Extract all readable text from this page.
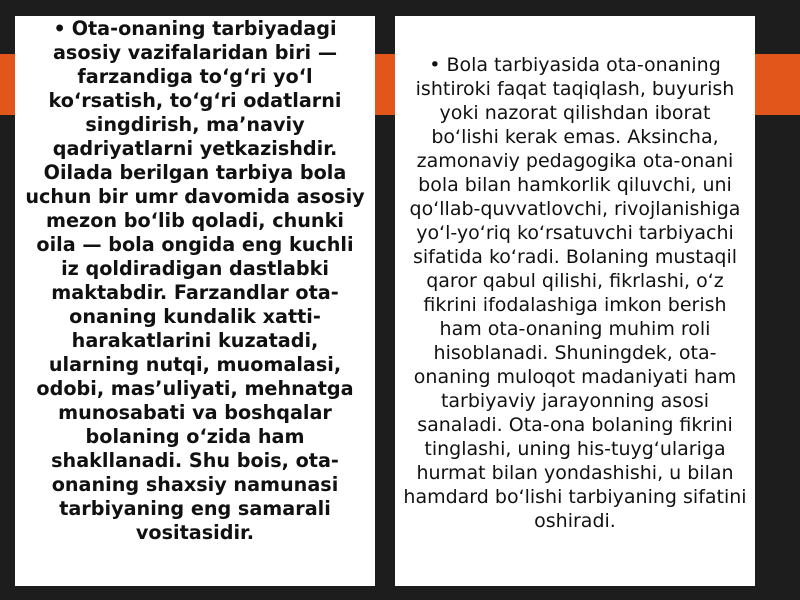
• Ota-onaning tarbiyadagi asosiy vazifalaridan biri — farzandiga to‘g‘ri yo‘l ko‘rsatish, to‘g‘ri odatlarni singdirish, ma’naviy qadriyatlarni yetkazishdir. Oilada berilgan tarbiya bola uchun bir umr davomida asosiy mezon bo‘lib qoladi, chunki oila — bola ongida eng kuchli iz qoldiradigan dastlabki maktabdir. Farzandlar ota-onaning kundalik xatti-harakatlarini kuzatadi, ularning nutqi, muomalasi, odobi, mas’uliyati, mehnatga munosabati va boshqalar bolaning o‘zida ham shakllanadi. Shu bois, ota-onaning shaxsiy namunasi tarbiyaning eng samarali vositasidir.

• Bola tarbiyasida ota-onaning ishtiroki faqat taqiqlash, buyurish yoki nazorat qilishdan iborat bo‘lishi kerak emas. Aksincha, zamonaviy pedagogika ota-onani bola bilan hamkorlik qiluvchi, uni qo‘llab-quvvatlovchi, rivojlanishiga yo‘l-yo‘riq ko‘rsatuvchi tarbiyachi sifatida ko‘radi. Bolaning mustaqil qaror qabul qilishi, fikrlashi, o‘z fikrini ifodalashiga imkon berish ham ota-onaning muhim roli hisoblanadi. Shuningdek, ota-onaning muloqot madaniyati ham tarbiyaviy jarayonning asosi sanaladi. Ota-ona bolaning fikrini tinglashi, uning his-tuyg‘ulariga hurmat bilan yondashishi, u bilan hamdard bo‘lishi tarbiyaning sifatini oshiradi.
